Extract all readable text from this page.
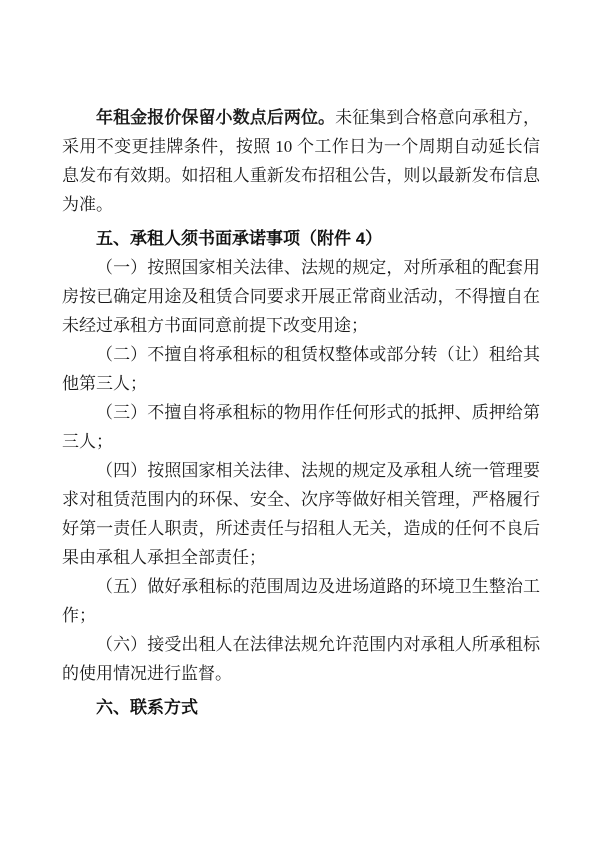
年租金报价保留小数点后两位。未征集到合格意向承租方，采用不变更挂牌条件，按照 10 个工作日为一个周期自动延长信息发布有效期。如招租人重新发布招租公告，则以最新发布信息为准。

五、承租人须书面承诺事项（附件 4）

（一）按照国家相关法律、法规的规定，对所承租的配套用房按已确定用途及租赁合同要求开展正常商业活动，不得擅自在未经过承租方书面同意前提下改变用途；

（二）不擅自将承租标的租赁权整体或部分转（让）租给其他第三人；

（三）不擅自将承租标的物用作任何形式的抵押、质押给第三人；

（四）按照国家相关法律、法规的规定及承租人统一管理要求对租赁范围内的环保、安全、次序等做好相关管理，严格履行好第一责任人职责，所述责任与招租人无关，造成的任何不良后果由承租人承担全部责任；

（五）做好承租标的范围周边及进场道路的环境卫生整治工作；

（六）接受出租人在法律法规允许范围内对承租人所承租标的使用情况进行监督。

六、联系方式
